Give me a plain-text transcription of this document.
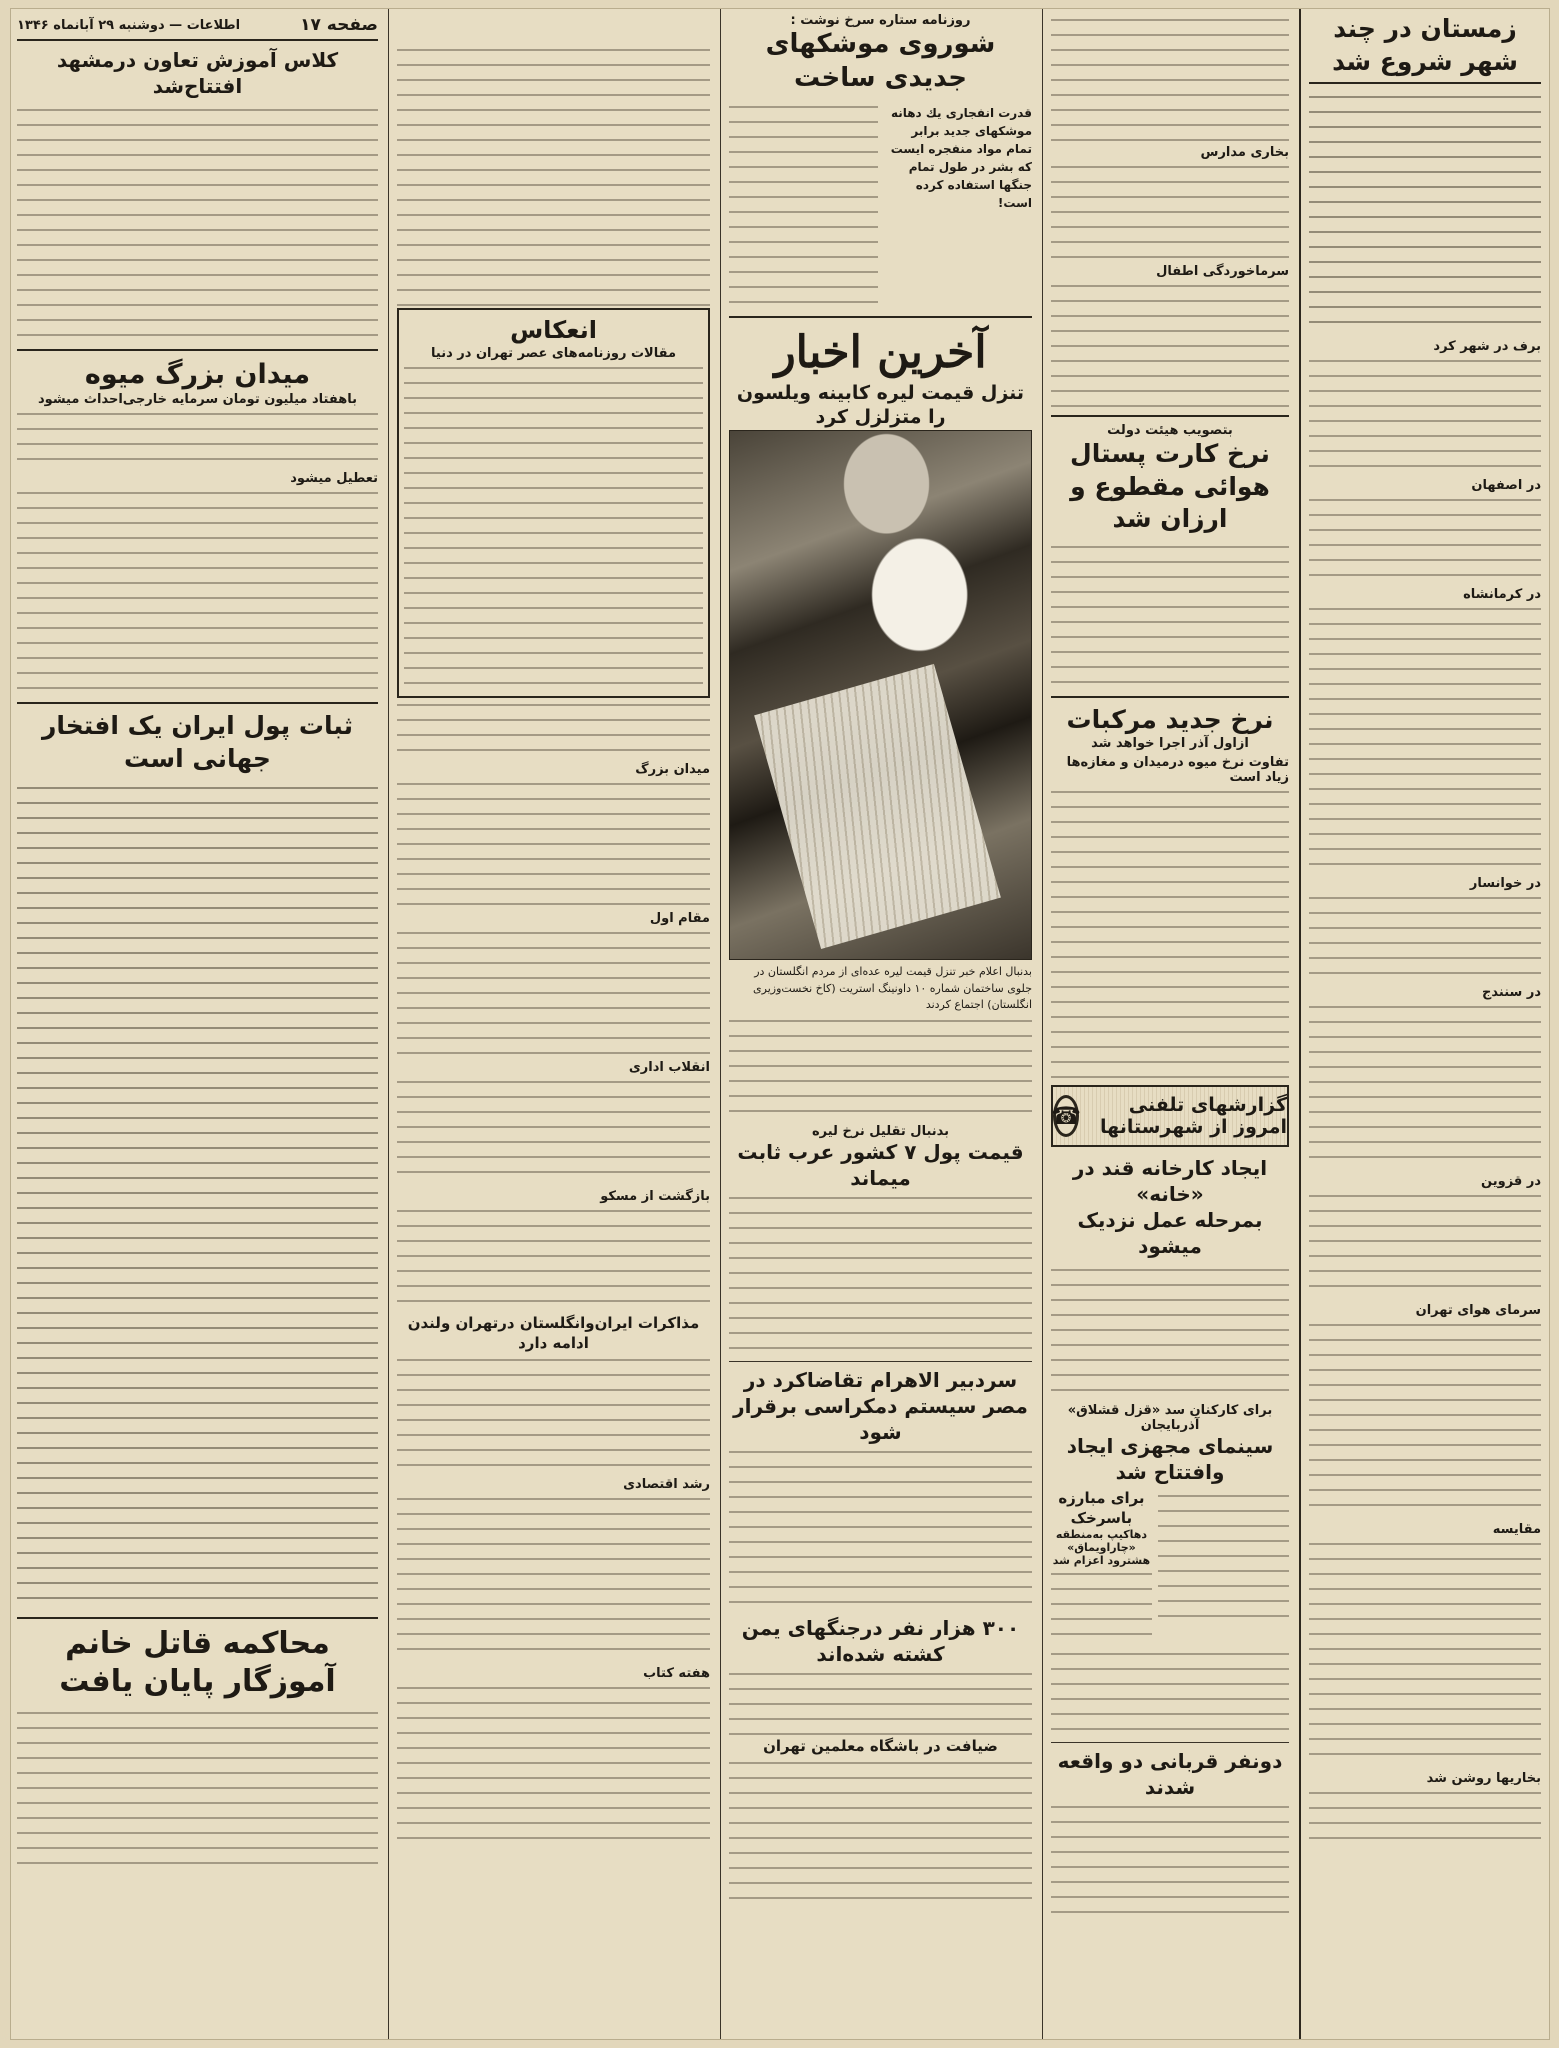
زمستان در چند شهر شروع شد
برف در شهر کرد
در اصفهان
در کرمانشاه
در خوانسار
در سنندج
در قزوین
سرمای هوای تهران
مقایسه
بخاریها روشن شد
بخاری مدارس
سرماخوردگی اطفال
بتصویب هیئت دولت
نرخ کارت پستال هوائی مقطوع و ارزان شد
نرخ جدید مرکبات
ازاول آذر اجرا خواهد شد
تفاوت نرخ میوه درمیدان و مغازه‌ها زیاد است
گزارشهای تلفنی امروز از شهرستانها
☎
ایجاد کارخانه قند در «خانه»
بمرحله عمل نزدیک میشود
برای کارکنان سد «قزل قشلاق» آذربایجان
سینمای مجهزی ایجاد وافتتاح شد
برای مبارزه باسرخک
دهاکیپ به‌منطقه «چاراویماق» هشترود اعزام شد
دونفر قربانی دو واقعه شدند
روزنامه ستاره سرخ نوشت :
شوروی موشکهای جدیدی ساخت
قدرت انفجاری یك دهانه موشکهای جدید برابر تمام مواد منفجره ایست که بشر در طول تمام جنگها استفاده کرده است!
آخرین اخبار
تنزل قیمت لیره کابینه ویلسون را متزلزل کرد
بدنبال اعلام خبر تنزل قیمت لیره عده‌ای از مردم انگلستان در جلوی ساختمان شماره ۱۰ داونینگ استریت (کاخ نخست‌وزیری انگلستان) اجتماع کردند
بدنبال تقلیل نرخ لیره
قیمت پول ۷ کشور عرب ثابت میماند
سردبیر الاهرام تقاضاکرد در مصر سیستم دمکراسی برقرار شود
۳۰۰ هزار نفر درجنگهای یمن کشته شده‌اند
ضیافت در باشگاه معلمین تهران
انعکاس
مقالات روزنامه‌های عصر تهران در دنیا
میدان بزرگ
مقام اول
انقلاب اداری
بازگشت از مسکو
مذاکرات ایران‌وانگلستان درتهران ولندن ادامه دارد
رشد اقتصادی
هفته کتاب
صفحه ۱۷
اطلاعات — دوشنبه ۲۹ آبانماه ۱۳۴۶
کلاس آموزش تعاون درمشهد افتتاح‌شد
میدان بزرگ میوه
باهفتاد میلیون تومان سرمایه خارجی‌احداث میشود
تعطیل میشود
ثبات پول ایران یک افتخار جهانی است
محاکمه قاتل خانم آموزگار پایان یافت
